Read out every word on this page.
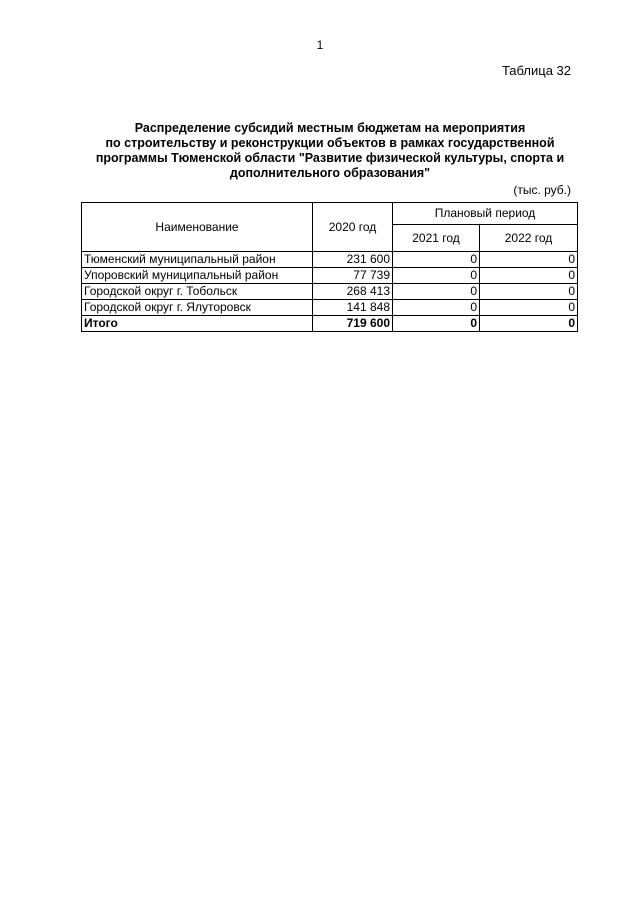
1
Таблица 32
Распределение субсидий местным бюджетам на мероприятия
по строительству и реконструкции объектов в рамках государственной
программы Тюменской области "Развитие физической культуры, спорта и
дополнительного образования"
(тыс. руб.)
Наименование	2020 год	Плановый период	
		2021 год	2022 год
Тюменский муниципальный район	231 600	0	0
Упоровский муниципальный район	77 739	0	0
Городской округ г. Тобольск	268 413	0	0
Городской округ г. Ялуторовск	141 848	0	0
Итого	719 600	0	0
